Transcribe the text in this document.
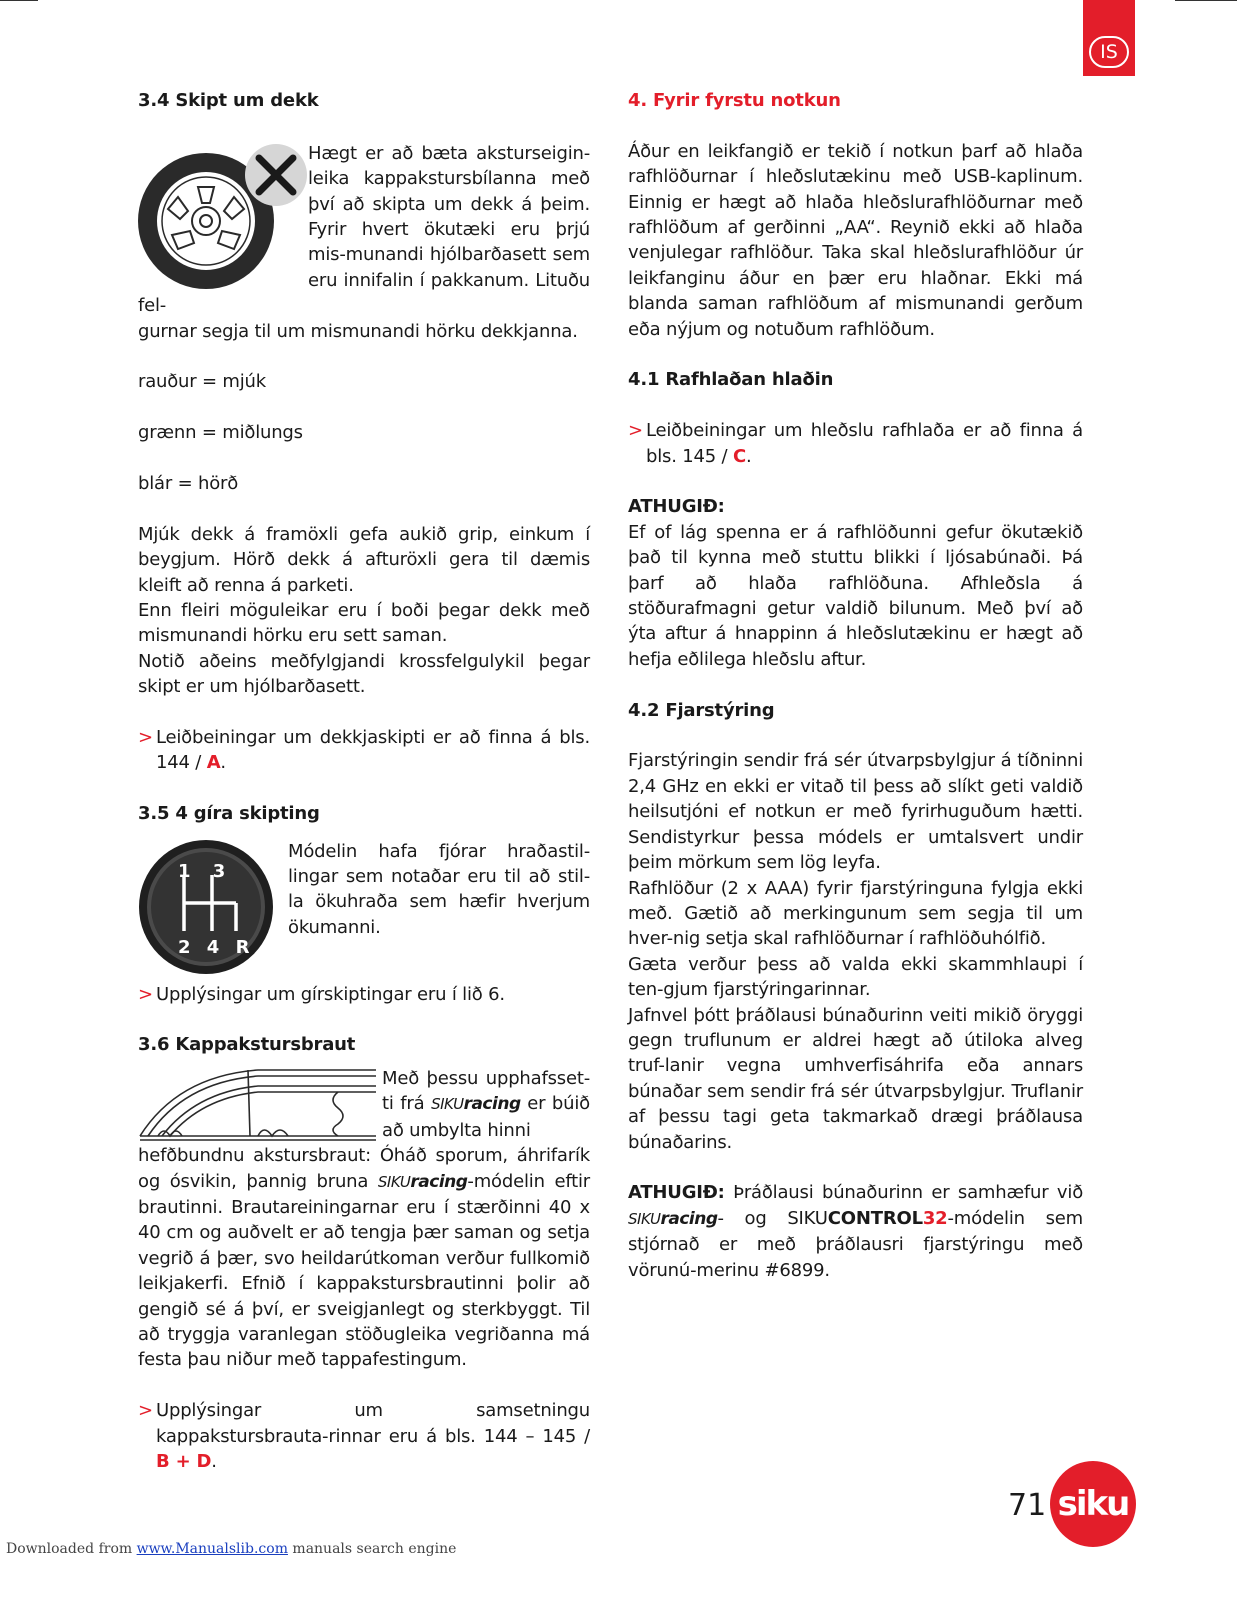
IS
3.4 Skipt um dekk

Hægt er að bæta aksturseigin-leika kappakstursbílanna með því að skipta um dekk á þeim. Fyrir hvert ökutæki eru þrjú mis-munandi hjólbarðasett sem eru innifalin í pakkanum. Lituðu fel-

gurnar segja til um mismunandi hörku dekkjanna.

rauður = mjúk

grænn = miðlungs

blár = hörð

Mjúk dekk á framöxli gefa aukið grip, einkum í beygjum. Hörð dekk á afturöxli gera til dæmis kleift að renna á parketi.

Enn fleiri möguleikar eru í boði þegar dekk með mismunandi hörku eru sett saman.

Notið aðeins meðfylgjandi krossfelgulykil þegar skipt er um hjólbarðasett.

> Leiðbeiningar um dekkjaskipti er að finna á bls. 144 / A.

3.5 4 gíra skipting
1 3
2 4 R

Módelin hafa fjórar hraðastil-lingar sem notaðar eru til að stil-la ökuhraða sem hæfir hverjum ökumanni.

> Upplýsingar um gírskiptingar eru í lið 6.

3.6 Kappakstursbraut

Með þessu upphafsset-ti frá SIKUracing er búið að umbylta hinni

hefðbundnu akstursbraut: Óháð sporum, áhrifarík og ósvikin, þannig bruna SIKUracing-módelin eftir brautinni. Brautareiningarnar eru í stærðinni 40 x 40 cm og auðvelt er að tengja þær saman og setja vegrið á þær, svo heildarútkoman verður fullkomið leikjakerfi. Efnið í kappakstursbrautinni þolir að gengið sé á því, er sveigjanlegt og sterkbyggt. Til að tryggja varanlegan stöðugleika vegriðanna má festa þau niður með tappafestingum.

> Upplýsingar um samsetningu kappakstursbrauta-rinnar eru á bls. 144 – 145 / B + D.

4. Fyrir fyrstu notkun

Áður en leikfangið er tekið í notkun þarf að hlaða rafhlöðurnar í hleðslutækinu með USB-kaplinum. Einnig er hægt að hlaða hleðslurafhlöðurnar með rafhlöðum af gerðinni „AA“. Reynið ekki að hlaða venjulegar rafhlöður. Taka skal hleðslurafhlöður úr leikfanginu áður en þær eru hlaðnar. Ekki má blanda saman rafhlöðum af mismunandi gerðum eða nýjum og notuðum rafhlöðum.

4.1 Rafhlaðan hlaðin

> Leiðbeiningar um hleðslu rafhlaða er að finna á bls. 145 / C.

ATHUGIÐ:

Ef of lág spenna er á rafhlöðunni gefur ökutækið það til kynna með stuttu blikki í ljósabúnaði. Þá þarf að hlaða rafhlöðuna. Afhleðsla á stöðurafmagni getur valdið bilunum. Með því að ýta aftur á hnappinn á hleðslutækinu er hægt að hefja eðlilega hleðslu aftur.

4.2 Fjarstýring

Fjarstýringin sendir frá sér útvarpsbylgjur á tíðninni 2,4 GHz en ekki er vitað til þess að slíkt geti valdið heilsutjóni ef notkun er með fyrirhuguðum hætti. Sendistyrkur þessa módels er umtalsvert undir þeim mörkum sem lög leyfa.

Rafhlöður (2 x AAA) fyrir fjarstýringuna fylgja ekki með. Gætið að merkingunum sem segja til um hver-nig setja skal rafhlöðurnar í rafhlöðuhólfið.

Gæta verður þess að valda ekki skammhlaupi í ten-gjum fjarstýringarinnar.

Jafnvel þótt þráðlausi búnaðurinn veiti mikið öryggi gegn truflunum er aldrei hægt að útiloka alveg truf-lanir vegna umhverfisáhrifa eða annars búnaðar sem sendir frá sér útvarpsbylgjur. Truflanir af þessu tagi geta takmarkað drægi þráðlausa búnaðarins.

ATHUGIÐ: Þráðlausi búnaðurinn er samhæfur við SIKUracing- og SIKUCONTROL32-módelin sem stjórnað er með þráðlausri fjarstýringu með vörunú-merinu #6899.

71 siku
Downloaded from www.Manualslib.com manuals search engine
